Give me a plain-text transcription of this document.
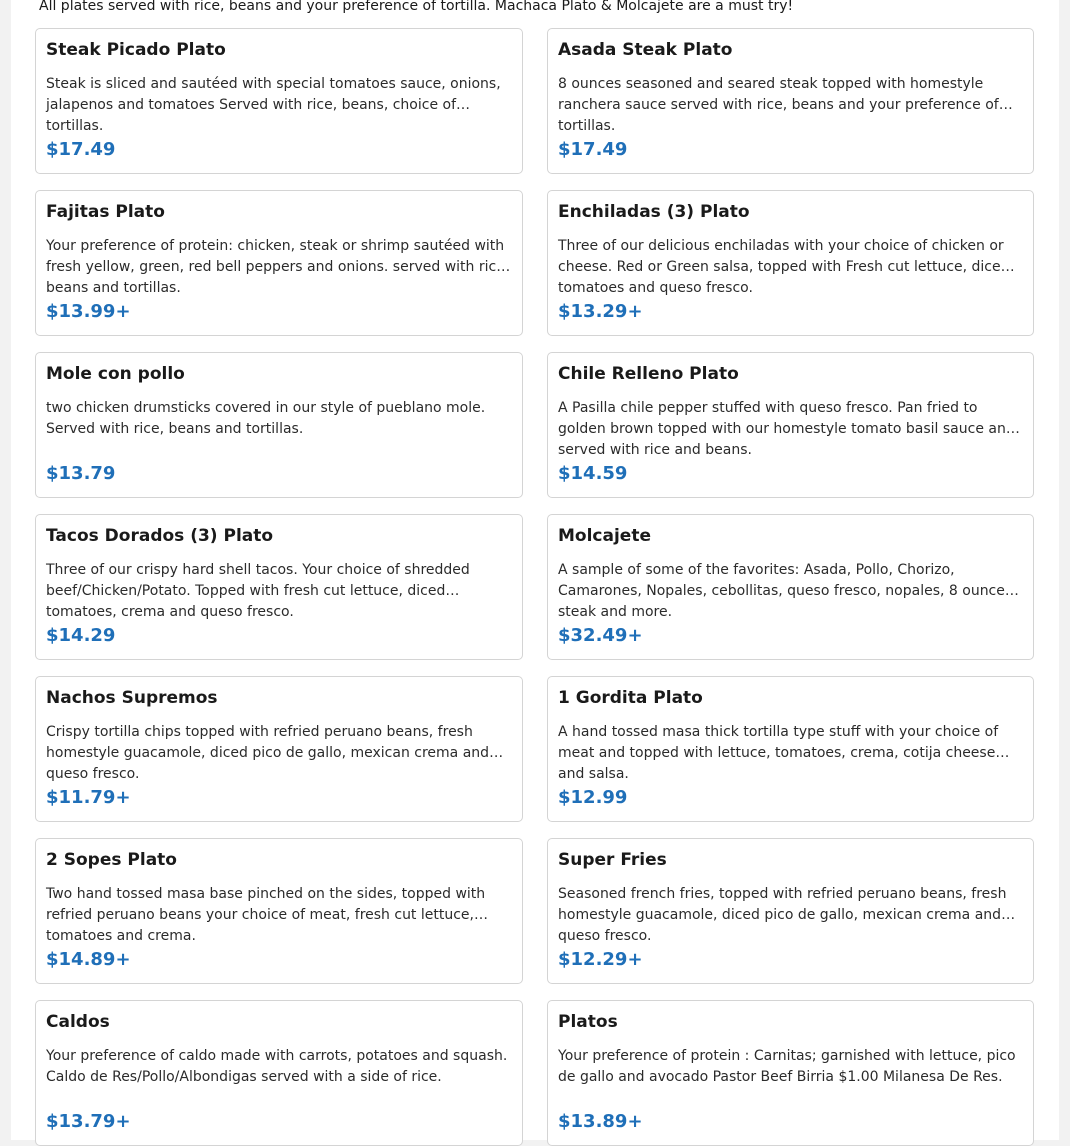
All plates served with rice, beans and your preference of tortilla. Machaca Plato & Molcajete are a must try!
Steak Picado Plato
Steak is sliced and sautéed with special tomatoes sauce, onions, jalapenos and tomatoes Served with rice, beans, choice of tortillas.
$17.49
Asada Steak Plato
8 ounces seasoned and seared steak topped with homestyle ranchera sauce served with rice, beans and your preference of tortillas.
$17.49
Fajitas Plato
Your preference of protein: chicken, steak or shrimp sautéed with fresh yellow, green, red bell peppers and onions. served with rice, beans and tortillas.
$13.99+
Enchiladas (3) Plato
Three of our delicious enchiladas with your choice of chicken or cheese. Red or Green salsa, topped with Fresh cut lettuce, diced tomatoes and queso fresco.
$13.29+
Mole con pollo
two chicken drumsticks covered in our style of pueblano mole. Served with rice, beans and tortillas.
$13.79
Chile Relleno Plato
A Pasilla chile pepper stuffed with queso fresco. Pan fried to golden brown topped with our homestyle tomato basil sauce and served with rice and beans.
$14.59
Tacos Dorados (3) Plato
Three of our crispy hard shell tacos. Your choice of shredded beef/Chicken/Potato. Topped with fresh cut lettuce, diced tomatoes, crema and queso fresco.
$14.29
Molcajete
A sample of some of the favorites: Asada, Pollo, Chorizo, Camarones, Nopales, cebollitas, queso fresco, nopales, 8 ounce steak and more.
$32.49+
Nachos Supremos
Crispy tortilla chips topped with refried peruano beans, fresh homestyle guacamole, diced pico de gallo, mexican crema and queso fresco.
$11.79+
1 Gordita Plato
A hand tossed masa thick tortilla type stuff with your choice of meat and topped with lettuce, tomatoes, crema, cotija cheese and salsa.
$12.99
2 Sopes Plato
Two hand tossed masa base pinched on the sides, topped with refried peruano beans your choice of meat, fresh cut lettuce, tomatoes and crema.
$14.89+
Super Fries
Seasoned french fries, topped with refried peruano beans, fresh homestyle guacamole, diced pico de gallo, mexican crema and queso fresco.
$12.29+
Caldos
Your preference of caldo made with carrots, potatoes and squash. Caldo de Res/Pollo/Albondigas served with a side of rice.
$13.79+
Platos
Your preference of protein : Carnitas; garnished with lettuce, pico de gallo and avocado Pastor Beef Birria $1.00 Milanesa De Res.
$13.89+
